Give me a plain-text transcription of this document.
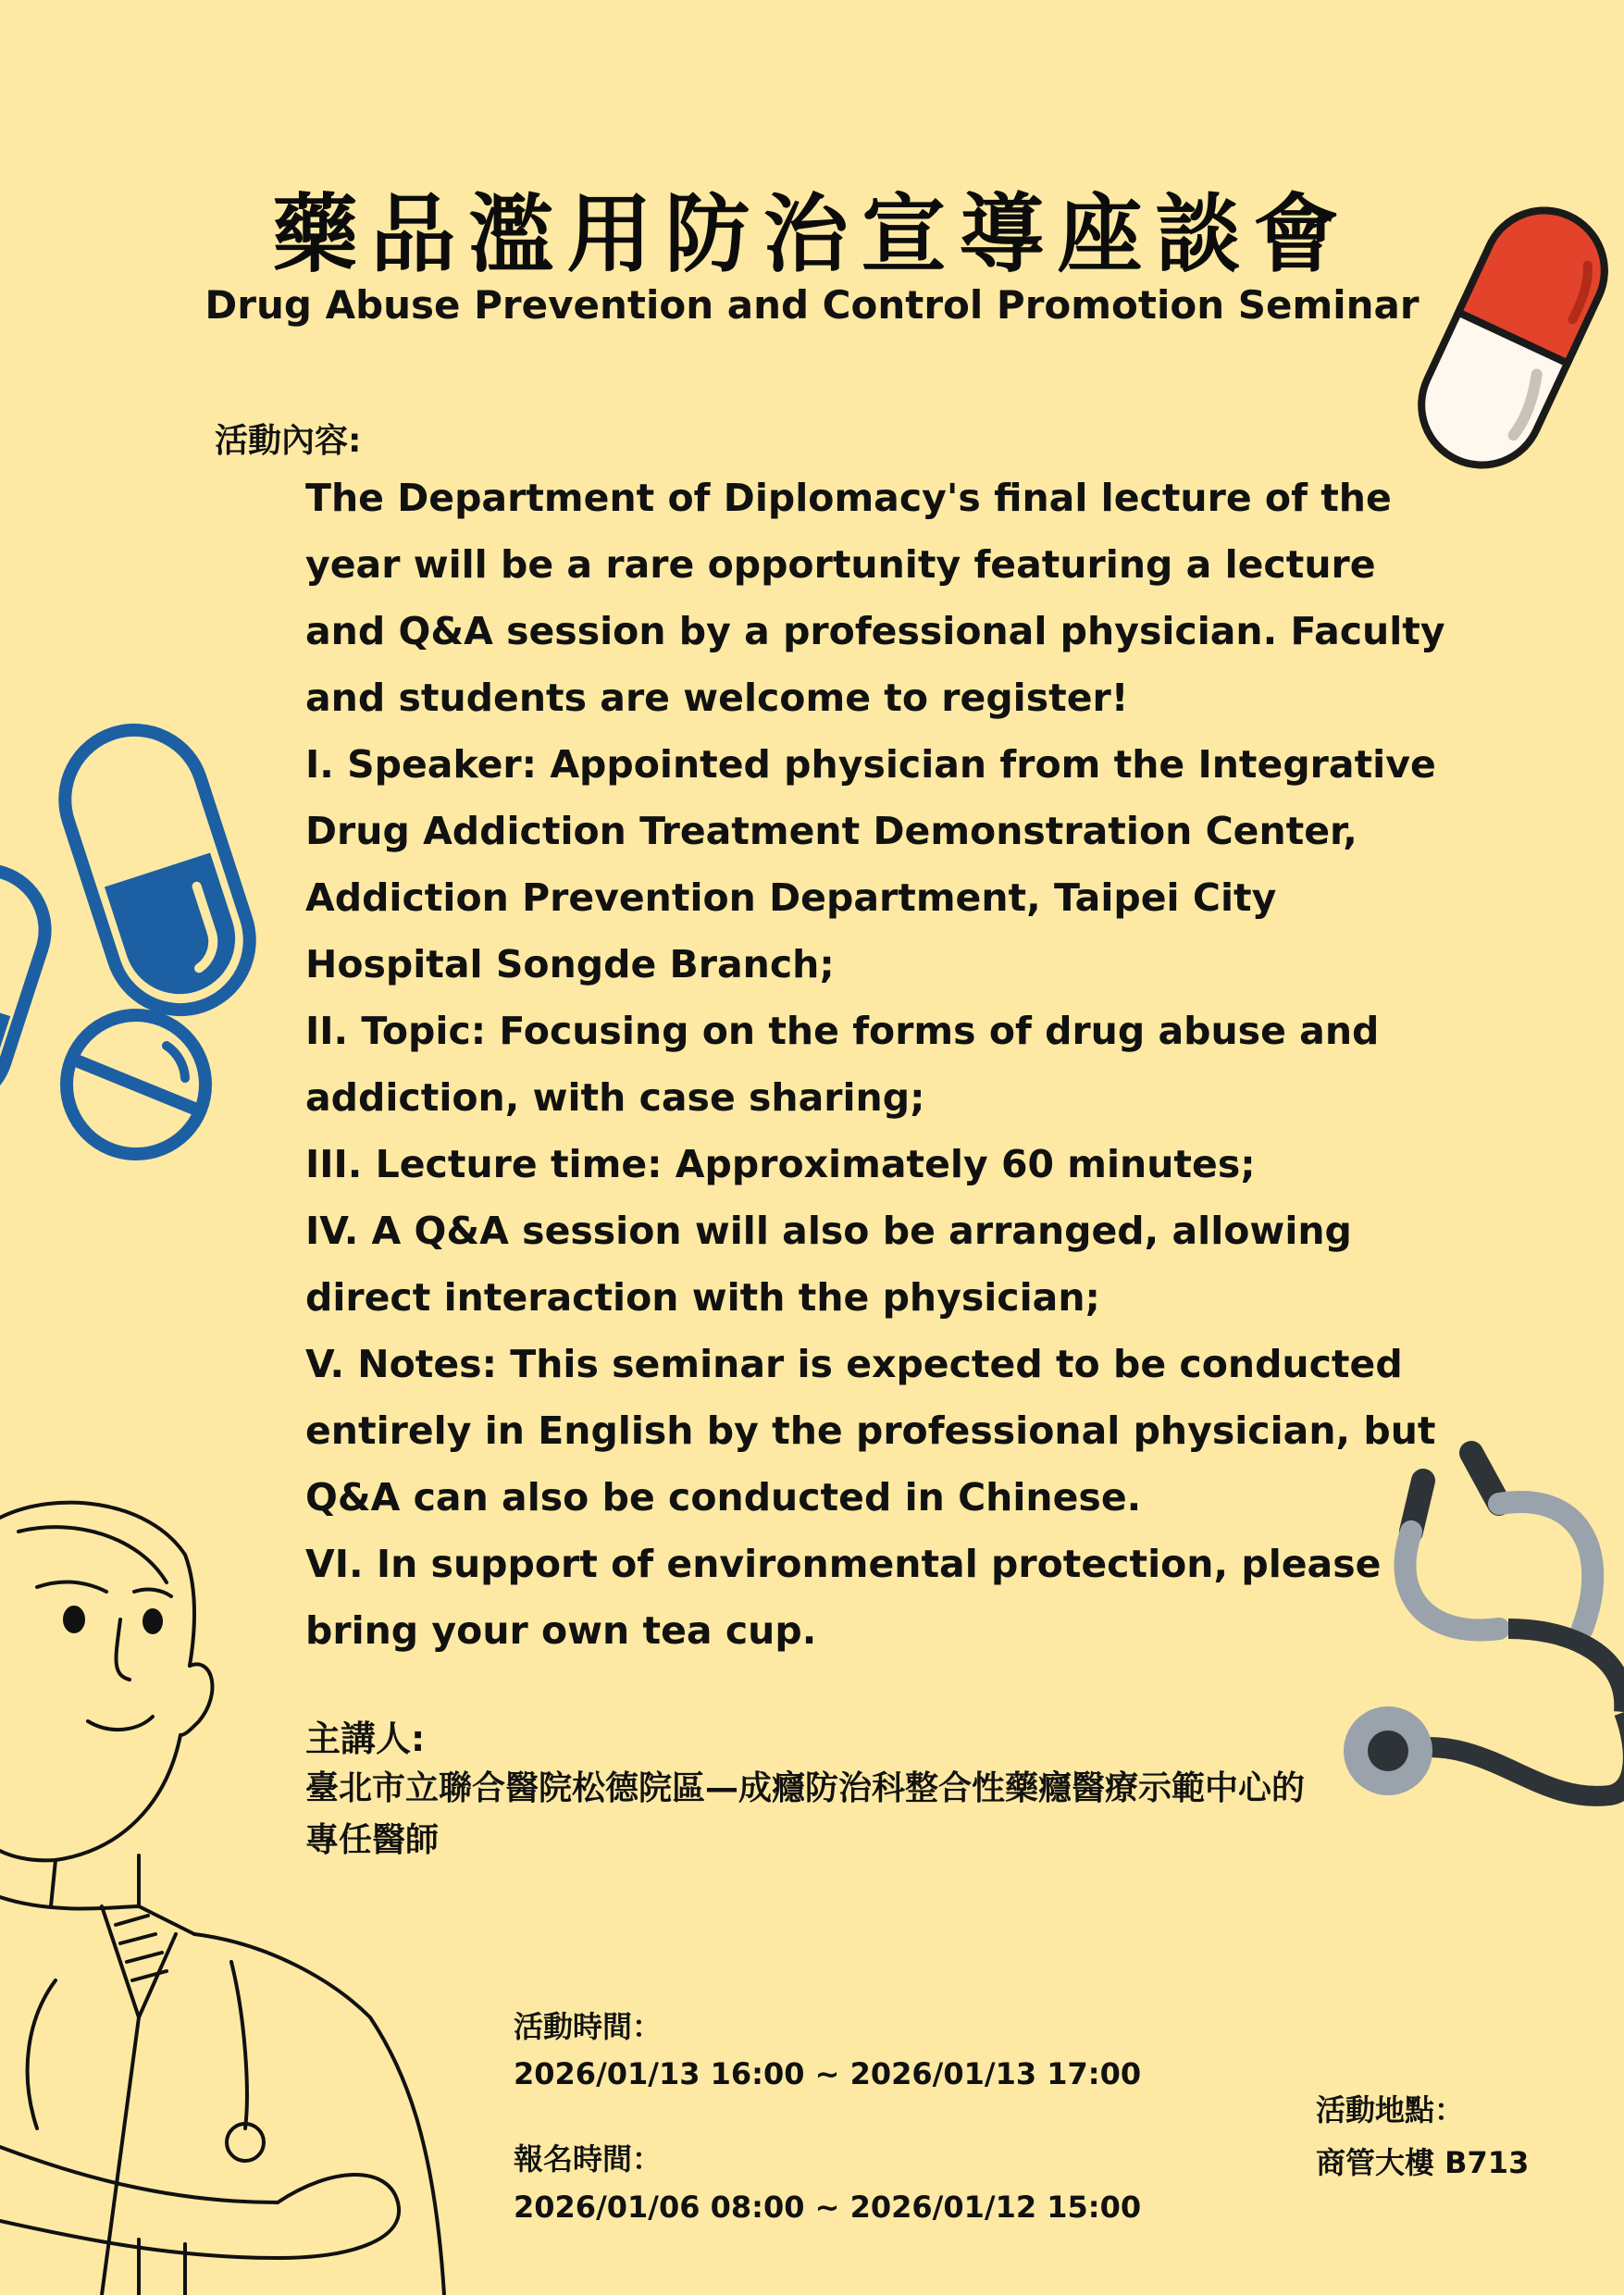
藥品濫用防治宣導座談會
Drug Abuse Prevention and Control Promotion Seminar
活動內容:

The Department of Diplomacy's final lecture of the year will be a rare opportunity featuring a lecture and Q&A session by a professional physician. Faculty and students are welcome to register!

I. Speaker: Appointed physician from the Integrative Drug Addiction Treatment Demonstration Center, Addiction Prevention Department, Taipei City Hospital Songde Branch;

II. Topic: Focusing on the forms of drug abuse and addiction, with case sharing;

III. Lecture time: Approximately 60 minutes;

IV. A Q&A session will also be arranged, allowing direct interaction with the physician;

V. Notes: This seminar is expected to be conducted entirely in English by the professional physician, but Q&A can also be conducted in Chinese.

VI. In support of environmental protection, please bring your own tea cup.

主講人:
臺北市立聯合醫院松德院區—成癮防治科整合性藥癮醫療示範中心的專任醫師
活動時間：
2026/01/13 16:00 ~ 2026/01/13 17:00
報名時間：
2026/01/06 08:00 ~ 2026/01/12 15:00
活動地點：
商管大樓 B713
